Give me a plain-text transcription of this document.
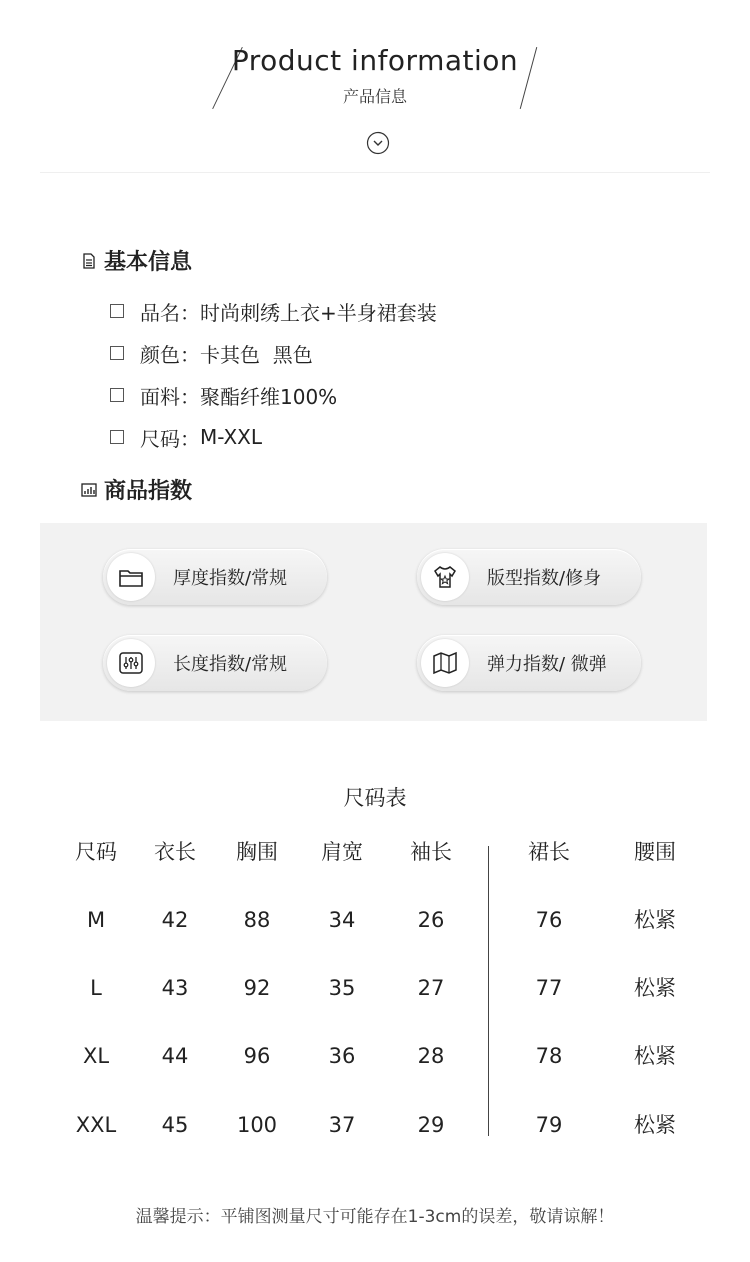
Product information
产品信息
基本信息
品名 ： 时尚刺绣上衣+半身裙套装
颜色 ： 卡其色  黑色
面料 ： 聚酯纤维100%
尺码 ： M-XXL
商品指数
厚度指数/常规	版型指数/修身
长度指数/常规	弹力指数/ 微弹
尺码表
尺码	衣长	胸围	肩宽	袖长	裙长	腰围
M	42	88	34	26	76	松紧
L	43	92	35	27	77	松紧
XL	44	96	36	28	78	松紧
XXL	45	100	37	29	79	松紧
温馨提示：平铺图测量尺寸可能存在1-3cm的误差，敬请谅解！
